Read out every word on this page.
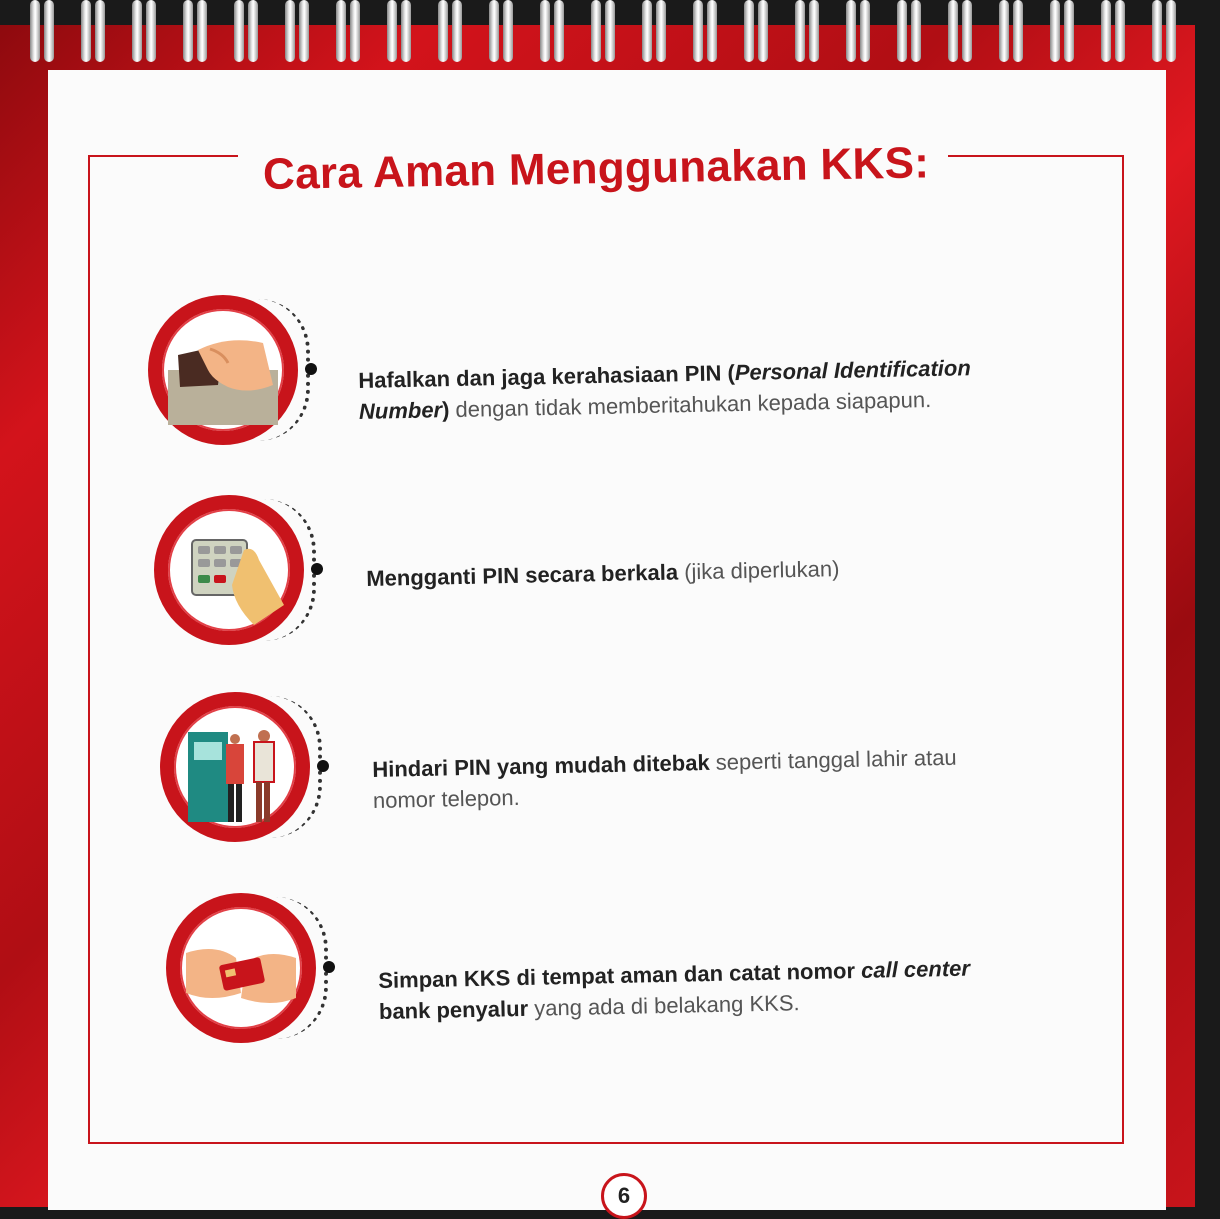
Cara Aman Menggunakan KKS:
Hafalkan dan jaga kerahasiaan PIN (Personal Identification
Number) dengan tidak memberitahukan kepada siapapun.
Mengganti PIN secara berkala (jika diperlukan)
Hindari PIN yang mudah ditebak seperti tanggal lahir atau
nomor telepon.
Simpan KKS di tempat aman dan catat nomor call center
bank penyalur yang ada di belakang KKS.
6
